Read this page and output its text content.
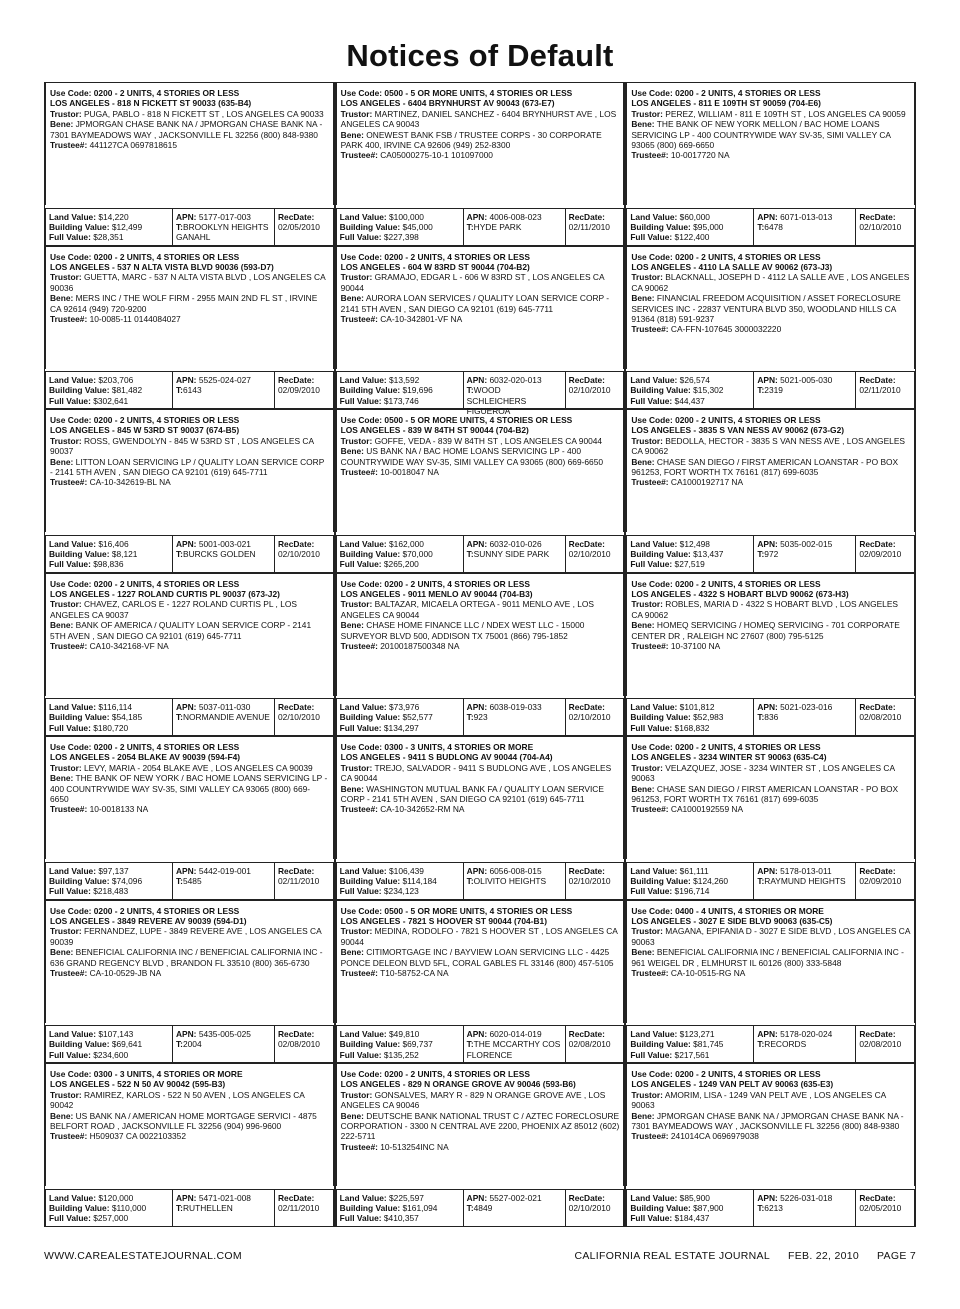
Notices of Default
Use Code: 0200 - 2 UNITS, 4 STORIES OR LESS
LOS ANGELES - 818 N FICKETT ST 90033 (635-B4)
Trustor: PUGA, PABLO - 818 N FICKETT ST , LOS ANGELES CA 90033
Bene: JPMORGAN CHASE BANK NA / JPMORGAN CHASE BANK NA - 7301 BAYMEADOWS WAY , JACKSONVILLE FL 32256 (800) 848-9380
Trustee#: 441127CA 0697818615
Land Value: $14,220
Building Value: $12,499
Full Value: $28,351
APN: 5177-017-003
T:BROOKLYN HEIGHTS GANAHL
RecDate:
02/05/2010
Use Code: 0500 - 5 OR MORE UNITS, 4 STORIES OR LESS
LOS ANGELES - 6404 BRYNHURST AV 90043 (673-E7)
Trustor: MARTINEZ, DANIEL SANCHEZ - 6404 BRYNHURST AVE , LOS ANGELES CA 90043
Bene: ONEWEST BANK FSB / TRUSTEE CORPS - 30 CORPORATE PARK 400, IRVINE CA 92606 (949) 252-8300
Trustee#: CA05000275-10-1 101097000
Land Value: $100,000
Building Value: $45,000
Full Value: $227,398
APN: 4006-008-023
T:HYDE PARK
RecDate:
02/11/2010
Use Code: 0200 - 2 UNITS, 4 STORIES OR LESS
LOS ANGELES - 811 E 109TH ST 90059 (704-E6)
Trustor: PEREZ, WILLIAM - 811 E 109TH ST , LOS ANGELES CA 90059
Bene: THE BANK OF NEW YORK MELLON / BAC HOME LOANS SERVICING LP - 400 COUNTRYWIDE WAY SV-35, SIMI VALLEY CA 93065 (800) 669-6650
Trustee#: 10-0017720 NA
Land Value: $60,000
Building Value: $95,000
Full Value: $122,400
APN: 6071-013-013
T:6478
RecDate:
02/10/2010
Use Code: 0200 - 2 UNITS, 4 STORIES OR LESS
LOS ANGELES - 537 N ALTA VISTA BLVD 90036 (593-D7)
Trustor: GUETTA, MARC - 537 N ALTA VISTA BLVD , LOS ANGELES CA 90036
Bene: MERS INC / THE WOLF FIRM - 2955 MAIN 2ND FL ST , IRVINE CA 92614 (949) 720-9200
Trustee#: 10-0085-11 0144084027
Land Value: $203,706
Building Value: $81,482
Full Value: $302,641
APN: 5525-024-027
T:6143
RecDate:
02/09/2010
Use Code: 0200 - 2 UNITS, 4 STORIES OR LESS
LOS ANGELES - 604 W 83RD ST 90044 (704-B2)
Trustor: GRAMAJO, EDGAR L - 606 W 83RD ST , LOS ANGELES CA 90044
Bene: AURORA LOAN SERVICES / QUALITY LOAN SERVICE CORP - 2141 5TH AVEN , SAN DIEGO CA 92101 (619) 645-7711
Trustee#: CA-10-342801-VF NA
Land Value: $13,592
Building Value: $19,696
Full Value: $173,746
APN: 6032-020-013
T:WOOD SCHLEICHERS FIGUEROA
RecDate:
02/10/2010
Use Code: 0200 - 2 UNITS, 4 STORIES OR LESS
LOS ANGELES - 4110 LA SALLE AV 90062 (673-J3)
Trustor: BLACKNALL, JOSEPH D - 4112 LA SALLE AVE , LOS ANGELES CA 90062
Bene: FINANCIAL FREEDOM ACQUISITION / ASSET FORECLOSURE SERVICES INC - 22837 VENTURA BLVD 350, WOODLAND HILLS CA 91364 (818) 591-9237
Trustee#: CA-FFN-107645 3000032220
Land Value: $26,574
Building Value: $15,302
Full Value: $44,437
APN: 5021-005-030
T:2319
RecDate:
02/11/2010
Use Code: 0200 - 2 UNITS, 4 STORIES OR LESS
LOS ANGELES - 845 W 53RD ST 90037 (674-B5)
Trustor: ROSS, GWENDOLYN - 845 W 53RD ST , LOS ANGELES CA 90037
Bene: LITTON LOAN SERVICING LP / QUALITY LOAN SERVICE CORP - 2141 5TH AVEN , SAN DIEGO CA 92101 (619) 645-7711
Trustee#: CA-10-342619-BL NA
Land Value: $16,406
Building Value: $8,121
Full Value: $98,836
APN: 5001-003-021
T:BURCKS GOLDEN
RecDate:
02/10/2010
Use Code: 0500 - 5 OR MORE UNITS, 4 STORIES OR LESS
LOS ANGELES - 839 W 84TH ST 90044 (704-B2)
Trustor: GOFFE, VEDA - 839 W 84TH ST , LOS ANGELES CA 90044
Bene: US BANK NA / BAC HOME LOANS SERVICING LP - 400 COUNTRYWIDE WAY SV-35, SIMI VALLEY CA 93065 (800) 669-6650
Trustee#: 10-0018047 NA
Land Value: $162,000
Building Value: $70,000
Full Value: $265,200
APN: 6032-010-026
T:SUNNY SIDE PARK
RecDate:
02/10/2010
Use Code: 0200 - 2 UNITS, 4 STORIES OR LESS
LOS ANGELES - 3835 S VAN NESS AV 90062 (673-G2)
Trustor: BEDOLLA, HECTOR - 3835 S VAN NESS AVE , LOS ANGELES CA 90062
Bene: CHASE SAN DIEGO / FIRST AMERICAN LOANSTAR - PO BOX 961253, FORT WORTH TX 76161 (817) 699-6035
Trustee#: CA1000192717 NA
Land Value: $12,498
Building Value: $13,437
Full Value: $27,519
APN: 5035-002-015
T:972
RecDate:
02/09/2010
Use Code: 0200 - 2 UNITS, 4 STORIES OR LESS
LOS ANGELES - 1227 ROLAND CURTIS PL 90037 (673-J2)
Trustor: CHAVEZ, CARLOS E - 1227 ROLAND CURTIS PL , LOS ANGELES CA 90037
Bene: BANK OF AMERICA / QUALITY LOAN SERVICE CORP - 2141 5TH AVEN , SAN DIEGO CA 92101 (619) 645-7711
Trustee#: CA10-342168-VF NA
Land Value: $116,114
Building Value: $54,185
Full Value: $180,720
APN: 5037-011-030
T:NORMANDIE AVENUE
RecDate:
02/10/2010
Use Code: 0200 - 2 UNITS, 4 STORIES OR LESS
LOS ANGELES - 9011 MENLO AV 90044 (704-B3)
Trustor: BALTAZAR, MICAELA ORTEGA - 9011 MENLO AVE , LOS ANGELES CA 90044
Bene: CHASE HOME FINANCE LLC / NDEX WEST LLC - 15000 SURVEYOR BLVD 500, ADDISON TX 75001 (866) 795-1852
Trustee#: 20100187500348 NA
Land Value: $73,976
Building Value: $52,577
Full Value: $134,297
APN: 6038-019-033
T:923
RecDate:
02/10/2010
Use Code: 0200 - 2 UNITS, 4 STORIES OR LESS
LOS ANGELES - 4322 S HOBART BLVD 90062 (673-H3)
Trustor: ROBLES, MARIA D - 4322 S HOBART BLVD , LOS ANGELES CA 90062
Bene: HOMEQ SERVICING / HOMEQ SERVICING - 701 CORPORATE CENTER DR , RALEIGH NC 27607 (800) 795-5125
Trustee#: 10-37100 NA
Land Value: $101,812
Building Value: $52,983
Full Value: $168,832
APN: 5021-023-016
T:836
RecDate:
02/08/2010
Use Code: 0200 - 2 UNITS, 4 STORIES OR LESS
LOS ANGELES - 2054 BLAKE AV 90039 (594-F4)
Trustor: LEVY, MARIA - 2054 BLAKE AVE , LOS ANGELES CA 90039
Bene: THE BANK OF NEW YORK / BAC HOME LOANS SERVICING LP - 400 COUNTRYWIDE WAY SV-35, SIMI VALLEY CA 93065 (800) 669-6650
Trustee#: 10-0018133 NA
Land Value: $97,137
Building Value: $74,096
Full Value: $218,483
APN: 5442-019-001
T:5485
RecDate:
02/11/2010
Use Code: 0300 - 3 UNITS, 4 STORIES OR MORE
LOS ANGELES - 9411 S BUDLONG AV 90044 (704-A4)
Trustor: TREJO, SALVADOR - 9411 S BUDLONG AVE , LOS ANGELES CA 90044
Bene: WASHINGTON MUTUAL BANK FA / QUALITY LOAN SERVICE CORP - 2141 5TH AVEN , SAN DIEGO CA 92101 (619) 645-7711
Trustee#: CA-10-342652-RM NA
Land Value: $106,439
Building Value: $114,184
Full Value: $234,123
APN: 6056-008-015
T:OLIVITO HEIGHTS
RecDate:
02/10/2010
Use Code: 0200 - 2 UNITS, 4 STORIES OR LESS
LOS ANGELES - 3234 WINTER ST 90063 (635-C4)
Trustor: VELAZQUEZ, JOSE - 3234 WINTER ST , LOS ANGELES CA 90063
Bene: CHASE SAN DIEGO / FIRST AMERICAN LOANSTAR - PO BOX 961253, FORT WORTH TX 76161 (817) 699-6035
Trustee#: CA1000192559 NA
Land Value: $61,111
Building Value: $124,260
Full Value: $196,714
APN: 5178-013-011
T:RAYMUND HEIGHTS
RecDate:
02/09/2010
Use Code: 0200 - 2 UNITS, 4 STORIES OR LESS
LOS ANGELES - 3849 REVERE AV 90039 (594-D1)
Trustor: FERNANDEZ, LUPE - 3849 REVERE AVE , LOS ANGELES CA 90039
Bene: BENEFICIAL CALIFORNIA INC / BENEFICIAL CALIFORNIA INC - 636 GRAND REGENCY BLVD , BRANDON FL 33510 (800) 365-6730
Trustee#: CA-10-0529-JB NA
Land Value: $107,143
Building Value: $69,641
Full Value: $234,600
APN: 5435-005-025
T:2004
RecDate:
02/08/2010
Use Code: 0500 - 5 OR MORE UNITS, 4 STORIES OR LESS
LOS ANGELES - 7821 S HOOVER ST 90044 (704-B1)
Trustor: MEDINA, RODOLFO - 7821 S HOOVER ST , LOS ANGELES CA 90044
Bene: CITIMORTGAGE INC / BAYVIEW LOAN SERVICING LLC - 4425 PONCE DELEON BLVD 5FL, CORAL GABLES FL 33146 (800) 457-5105
Trustee#: T10-58752-CA NA
Land Value: $49,810
Building Value: $69,737
Full Value: $135,252
APN: 6020-014-019
T:THE MCCARTHY COS FLORENCE
RecDate:
02/08/2010
Use Code: 0400 - 4 UNITS, 4 STORIES OR MORE
LOS ANGELES - 3027 E SIDE BLVD 90063 (635-C5)
Trustor: MAGANA, EPIFANIA D - 3027 E SIDE BLVD , LOS ANGELES CA 90063
Bene: BENEFICIAL CALIFORNIA INC / BENEFICIAL CALIFORNIA INC - 961 WEIGEL DR , ELMHURST IL 60126 (800) 333-5848
Trustee#: CA-10-0515-RG NA
Land Value: $123,271
Building Value: $81,745
Full Value: $217,561
APN: 5178-020-024
T:RECORDS
RecDate:
02/08/2010
Use Code: 0300 - 3 UNITS, 4 STORIES OR MORE
LOS ANGELES - 522 N 50 AV 90042 (595-B3)
Trustor: RAMIREZ, KARLOS - 522 N 50 AVEN , LOS ANGELES CA 90042
Bene: US BANK NA / AMERICAN HOME MORTGAGE SERVICI - 4875 BELFORT ROAD , JACKSONVILLE FL 32256 (904) 996-9600
Trustee#: H509037 CA 0022103352
Land Value: $120,000
Building Value: $110,000
Full Value: $257,000
APN: 5471-021-008
T:RUTHELLEN
RecDate:
02/11/2010
Use Code: 0200 - 2 UNITS, 4 STORIES OR LESS
LOS ANGELES - 829 N ORANGE GROVE AV 90046 (593-B6)
Trustor: GONSALVES, MARY R - 829 N ORANGE GROVE AVE , LOS ANGELES CA 90046
Bene: DEUTSCHE BANK NATIONAL TRUST C / AZTEC FORECLOSURE CORPORATION - 3300 N CENTRAL AVE 2200, PHOENIX AZ 85012 (602) 222-5711
Trustee#: 10-513254INC NA
Land Value: $225,597
Building Value: $161,094
Full Value: $410,357
APN: 5527-002-021
T:4849
RecDate:
02/10/2010
Use Code: 0200 - 2 UNITS, 4 STORIES OR LESS
LOS ANGELES - 1249 VAN PELT AV 90063 (635-E3)
Trustor: AMORIM, LISA - 1249 VAN PELT AVE , LOS ANGELES CA 90063
Bene: JPMORGAN CHASE BANK NA / JPMORGAN CHASE BANK NA - 7301 BAYMEADOWS WAY , JACKSONVILLE FL 32256 (800) 848-9380
Trustee#: 241014CA 0696979038
Land Value: $85,900
Building Value: $87,900
Full Value: $184,437
APN: 5226-031-018
T:6213
RecDate:
02/05/2010
WWW.CAREALESTATEJOURNAL.COM	CALIFORNIA REAL ESTATE JOURNAL FEB. 22, 2010 PAGE 7
